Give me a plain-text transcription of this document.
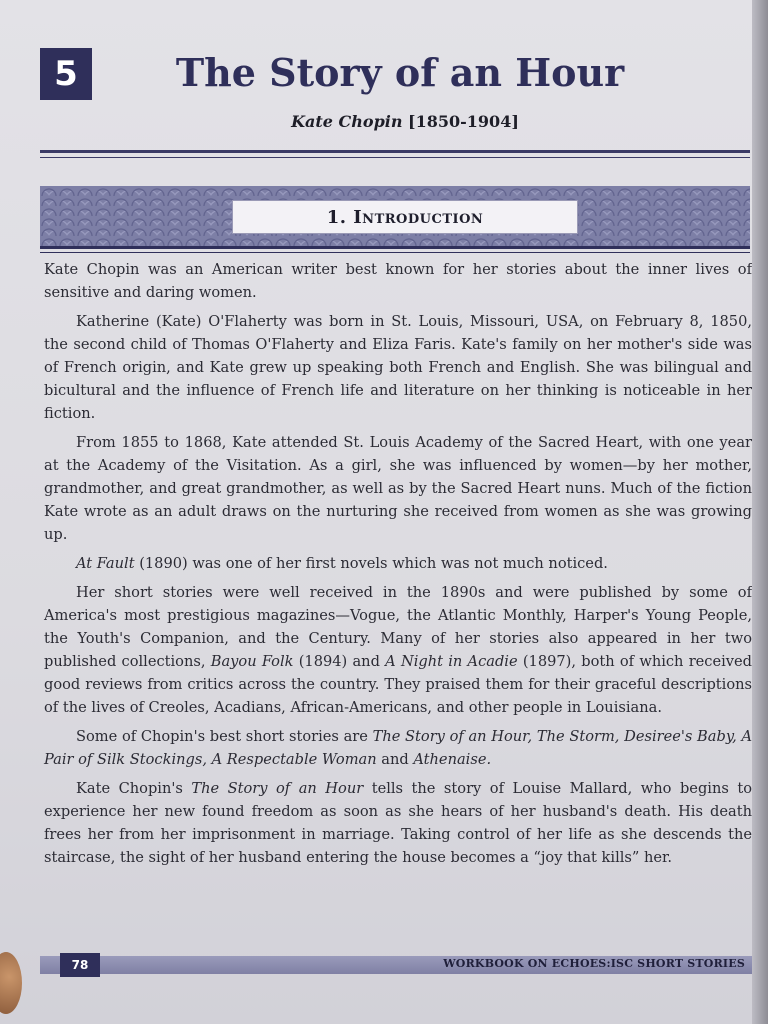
5	The Story of an Hour
Kate Chopin [1850-1904]
1. Introduction

Kate Chopin was an American writer best known for her stories about the inner lives of sensitive and daring women.

Katherine (Kate) O'Flaherty was born in St. Louis, Missouri, USA, on February 8, 1850, the second child of Thomas O'Flaherty and Eliza Faris. Kate's family on her mother's side was of French origin, and Kate grew up speaking both French and English. She was bilingual and bicultural and the influence of French life and literature on her thinking is noticeable in her fiction.

From 1855 to 1868, Kate attended St. Louis Academy of the Sacred Heart, with one year at the Academy of the Visitation. As a girl, she was influenced by women—by her mother, grandmother, and great grandmother, as well as by the Sacred Heart nuns. Much of the fiction Kate wrote as an adult draws on the nurturing she received from women as she was growing up.

At Fault (1890) was one of her first novels which was not much noticed.

Her short stories were well received in the 1890s and were published by some of America's most prestigious magazines—Vogue, the Atlantic Monthly, Harper's Young People, the Youth's Companion, and the Century. Many of her stories also appeared in her two published collections, Bayou Folk (1894) and A Night in Acadie (1897), both of which received good reviews from critics across the country. They praised them for their graceful descriptions of the lives of Creoles, Acadians, African-Americans, and other people in Louisiana.

Some of Chopin's best short stories are The Story of an Hour, The Storm, Desiree's Baby, A Pair of Silk Stockings, A Respectable Woman and Athenaise.

Kate Chopin's The Story of an Hour tells the story of Louise Mallard, who begins to experience her new found freedom as soon as she hears of her husband's death. His death frees her from her imprisonment in marriage. Taking control of her life as she descends the staircase, the sight of her husband entering the house becomes a “joy that kills” her.

78	WORKBOOK ON ECHOES:ISC SHORT STORIES
